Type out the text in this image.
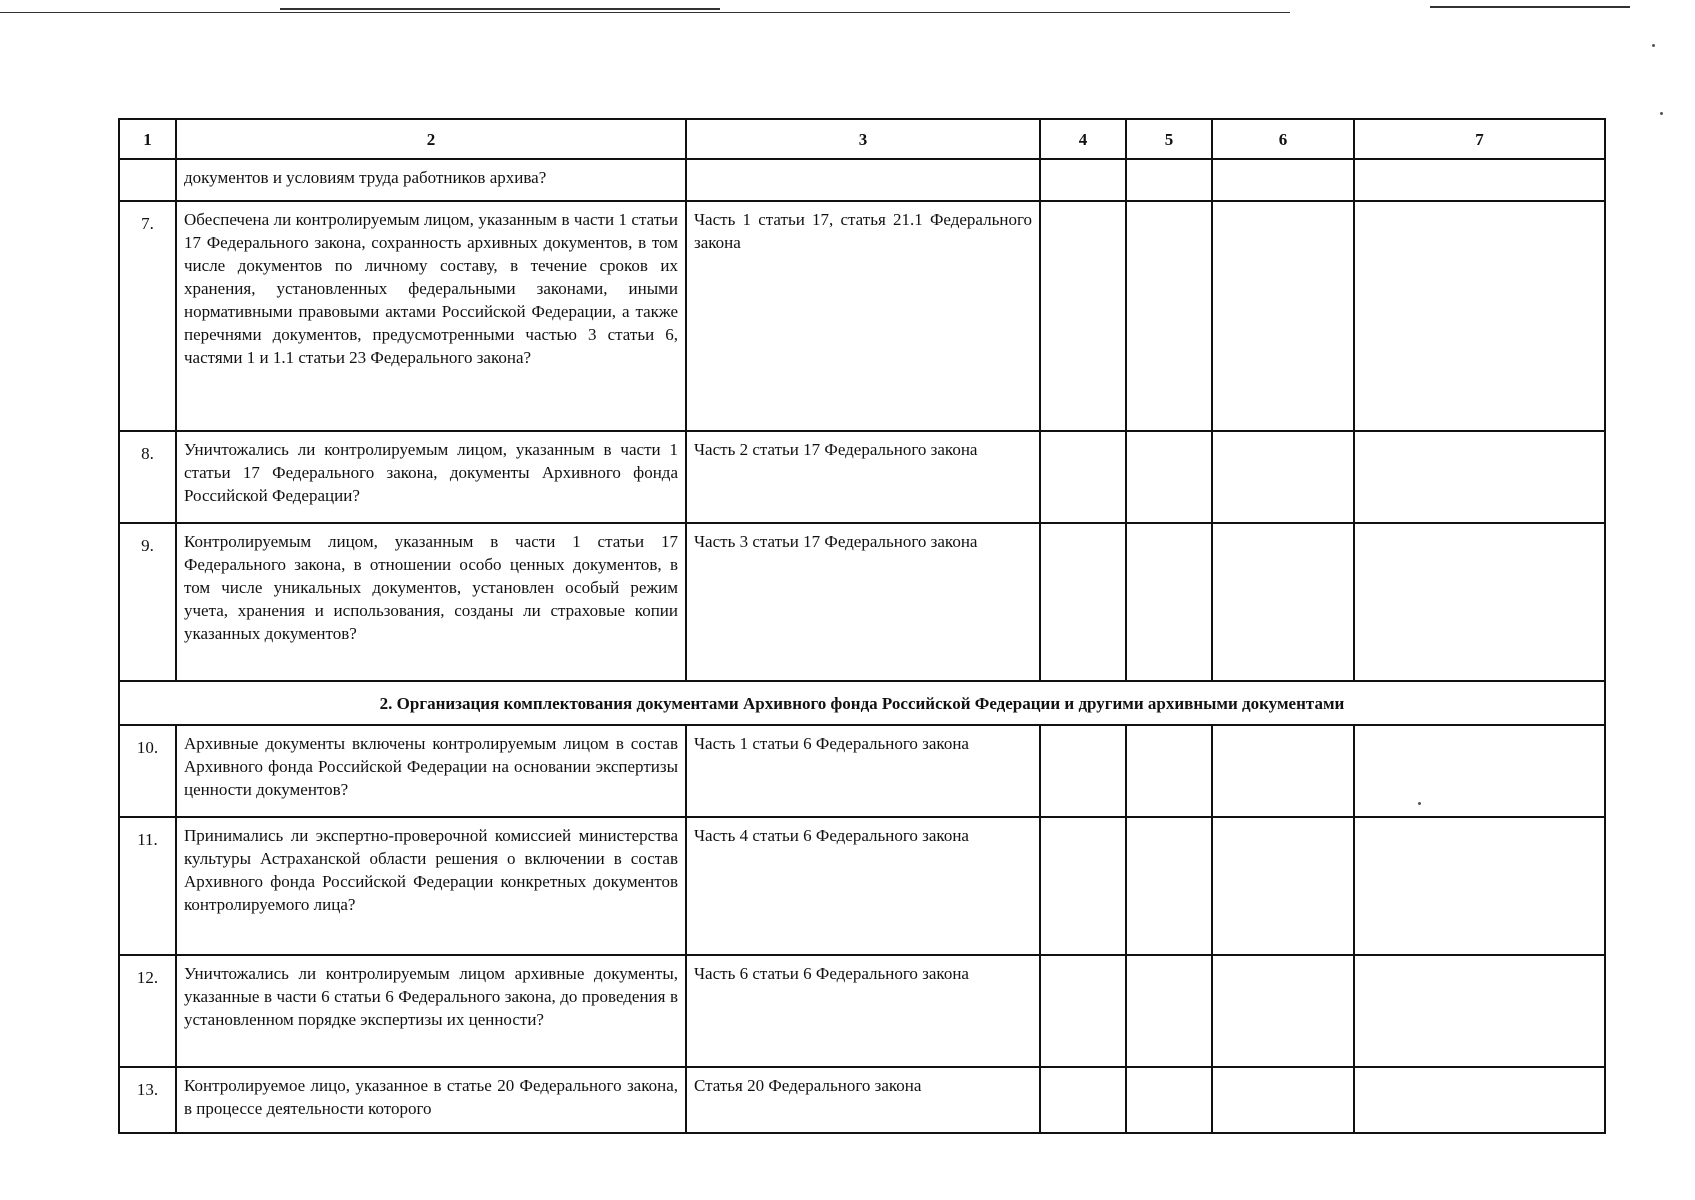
1	2	3	4	5	6	7
	документов и условиям труда работников архива?					
7.	Обеспечена ли контролируемым лицом, указанным в части 1 статьи 17 Федерального закона, сохранность архивных документов, в том числе документов по личному составу, в течение сроков их хранения, установленных федеральными законами, иными нормативными правовыми актами Российской Федерации, а также перечнями документов, предусмотренными частью 3 статьи 6, частями 1 и 1.1 статьи 23 Федерального закона?	Часть 1 статьи 17, статья 21.1 Федерального закона				
8.	Уничтожались ли контролируемым лицом, указанным в части 1 статьи 17 Федерального закона, документы Архивного фонда Российской Федерации?	Часть 2 статьи 17 Федерального закона				
9.	Контролируемым лицом, указанным в части 1 статьи 17 Федерального закона, в отношении особо ценных документов, в том числе уникальных документов, установлен особый режим учета, хранения и использования, созданы ли страховые копии указанных документов?	Часть 3 статьи 17 Федерального закона				
2. Организация комплектования документами Архивного фонда Российской Федерации и другими архивными документами						
10.	Архивные документы включены контролируемым лицом в состав Архивного фонда Российской Федерации на основании экспертизы ценности документов?	Часть 1 статьи 6 Федерального закона				
11.	Принимались ли экспертно-проверочной комиссией министерства культуры Астраханской области решения о включении в состав Архивного фонда Российской Федерации конкретных документов контролируемого лица?	Часть 4 статьи 6 Федерального закона				
12.	Уничтожались ли контролируемым лицом архивные документы, указанные в части 6 статьи 6 Федерального закона, до проведения в установленном порядке экспертизы их ценности?	Часть 6 статьи 6 Федерального закона				
13.	Контролируемое лицо, указанное в статье 20 Федерального закона, в процессе деятельности которого	Статья 20 Федерального закона				
